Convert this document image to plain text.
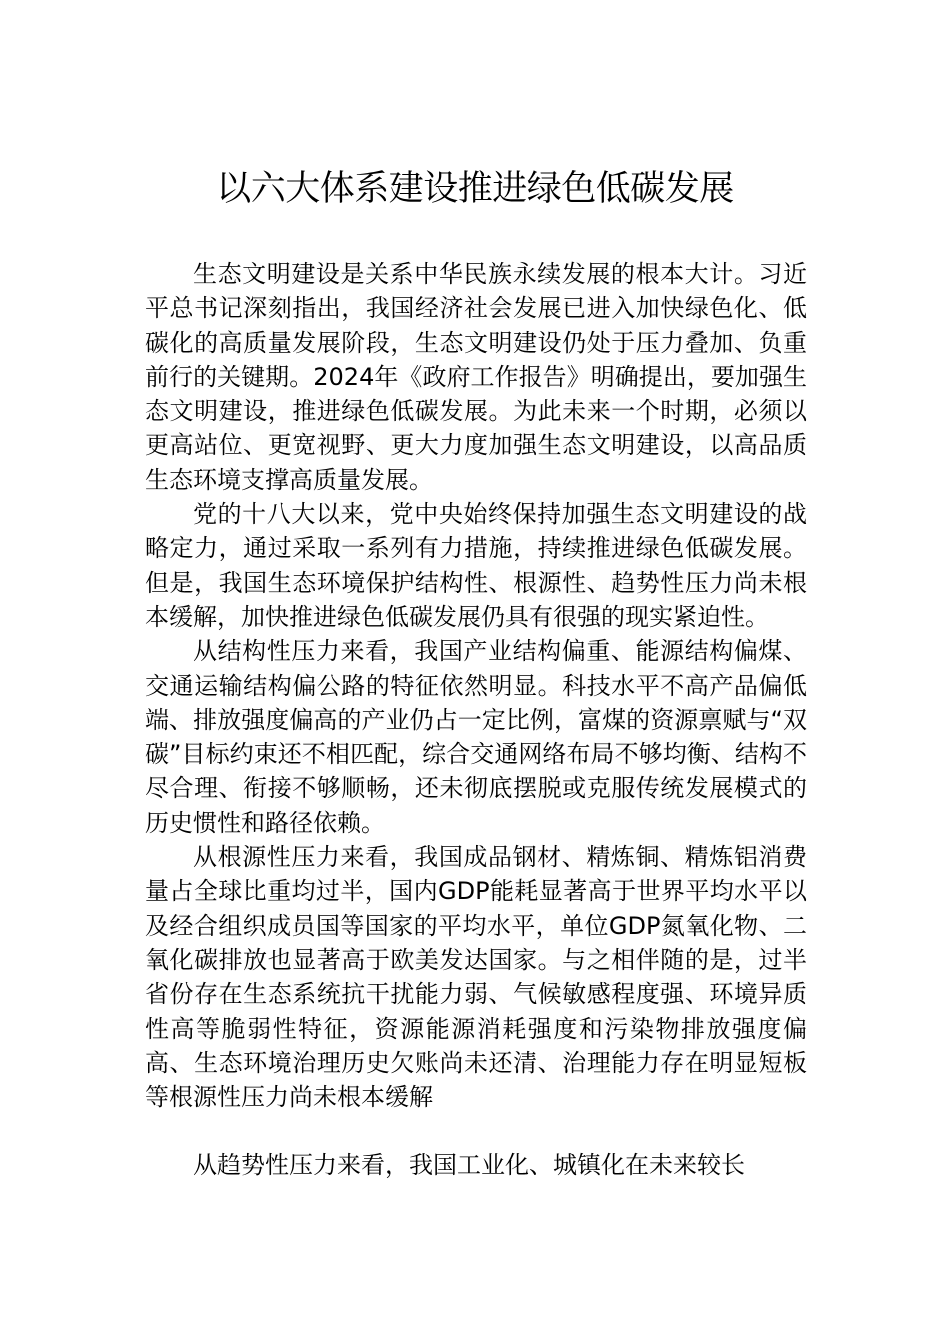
以六大体系建设推进绿色低碳发展

生态文明建设是关系中华民族永续发展的根本大计。习近平总书记深刻指出，我国经济社会发展已进入加快绿色化、低碳化的高质量发展阶段，生态文明建设仍处于压力叠加、负重前行的关键期。2024年《政府工作报告》明确提出，要加强生态文明建设，推进绿色低碳发展。为此未来一个时期，必须以更高站位、更宽视野、更大力度加强生态文明建设，以高品质生态环境支撑高质量发展。

党的十八大以来，党中央始终保持加强生态文明建设的战略定力，通过采取一系列有力措施，持续推进绿色低碳发展。但是，我国生态环境保护结构性、根源性、趋势性压力尚未根本缓解，加快推进绿色低碳发展仍具有很强的现实紧迫性。

从结构性压力来看，我国产业结构偏重、能源结构偏煤、交通运输结构偏公路的特征依然明显。科技水平不高产品偏低端、排放强度偏高的产业仍占一定比例，富煤的资源禀赋与“双碳”目标约束还不相匹配，综合交通网络布局不够均衡、结构不尽合理、衔接不够顺畅，还未彻底摆脱或克服传统发展模式的历史惯性和路径依赖。

从根源性压力来看，我国成品钢材、精炼铜、精炼铝消费量占全球比重均过半，国内GDP能耗显著高于世界平均水平以及经合组织成员国等国家的平均水平，单位GDP氮氧化物、二氧化碳排放也显著高于欧美发达国家。与之相伴随的是，过半省份存在生态系统抗干扰能力弱、气候敏感程度强、环境异质性高等脆弱性特征，资源能源消耗强度和污染物排放强度偏高、生态环境治理历史欠账尚未还清、治理能力存在明显短板等根源性压力尚未根本缓解

从趋势性压力来看，我国工业化、城镇化在未来较长
